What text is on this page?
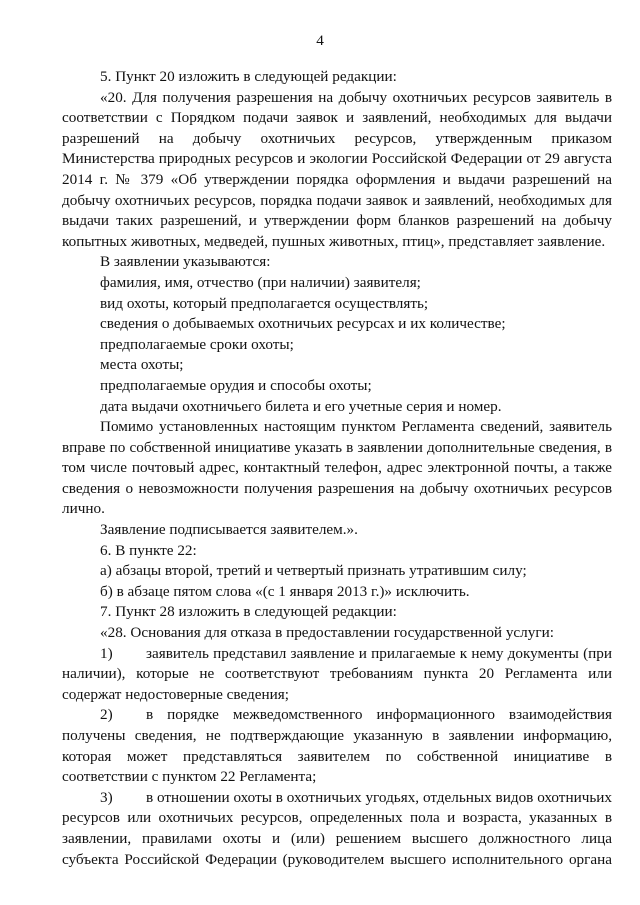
4

5. Пункт 20 изложить в следующей редакции:

«20. Для получения разрешения на добычу охотничьих ресурсов заявитель в соответствии с Порядком подачи заявок и заявлений, необходимых для выдачи разрешений на добычу охотничьих ресурсов, утвержденным приказом Министерства природных ресурсов и экологии Российской Федерации от 29 августа 2014 г. № 379 «Об утверждении порядка оформления и выдачи разрешений на добычу охотничьих ресурсов, порядка подачи заявок и заявлений, необходимых для выдачи таких разрешений, и утверждении форм бланков разрешений на добычу копытных животных, медведей, пушных животных, птиц», представляет заявление.

В заявлении указываются:

фамилия, имя, отчество (при наличии) заявителя;

вид охоты, который предполагается осуществлять;

сведения о добываемых охотничьих ресурсах и их количестве;

предполагаемые сроки охоты;

места охоты;

предполагаемые орудия и способы охоты;

дата выдачи охотничьего билета и его учетные серия и номер.

Помимо установленных настоящим пунктом Регламента сведений, заявитель вправе по собственной инициативе указать в заявлении дополнительные сведения, в том числе почтовый адрес, контактный телефон, адрес электронной почты, а также сведения о невозможности получения разрешения на добычу охотничьих ресурсов лично.

Заявление подписывается заявителем.».

6. В пункте 22:

а) абзацы второй, третий и четвертый признать утратившим силу;

б) в абзаце пятом слова «(с 1 января 2013 г.)» исключить.

7. Пункт 28 изложить в следующей редакции:

«28. Основания для отказа в предоставлении государственной услуги:

1) заявитель представил заявление и прилагаемые к нему документы (при наличии), которые не соответствуют требованиям пункта 20 Регламента или содержат недостоверные сведения;

2) в порядке межведомственного информационного взаимодействия получены сведения, не подтверждающие указанную в заявлении информацию, которая может представляться заявителем по собственной инициативе в соответствии с пунктом 22 Регламента;

3) в отношении охоты в охотничьих угодьях, отдельных видов охотничьих ресурсов или охотничьих ресурсов, определенных пола и возраста, указанных в заявлении, правилами охоты и (или) решением высшего должностного лица субъекта Российской Федерации (руководителем высшего исполнительного органа
